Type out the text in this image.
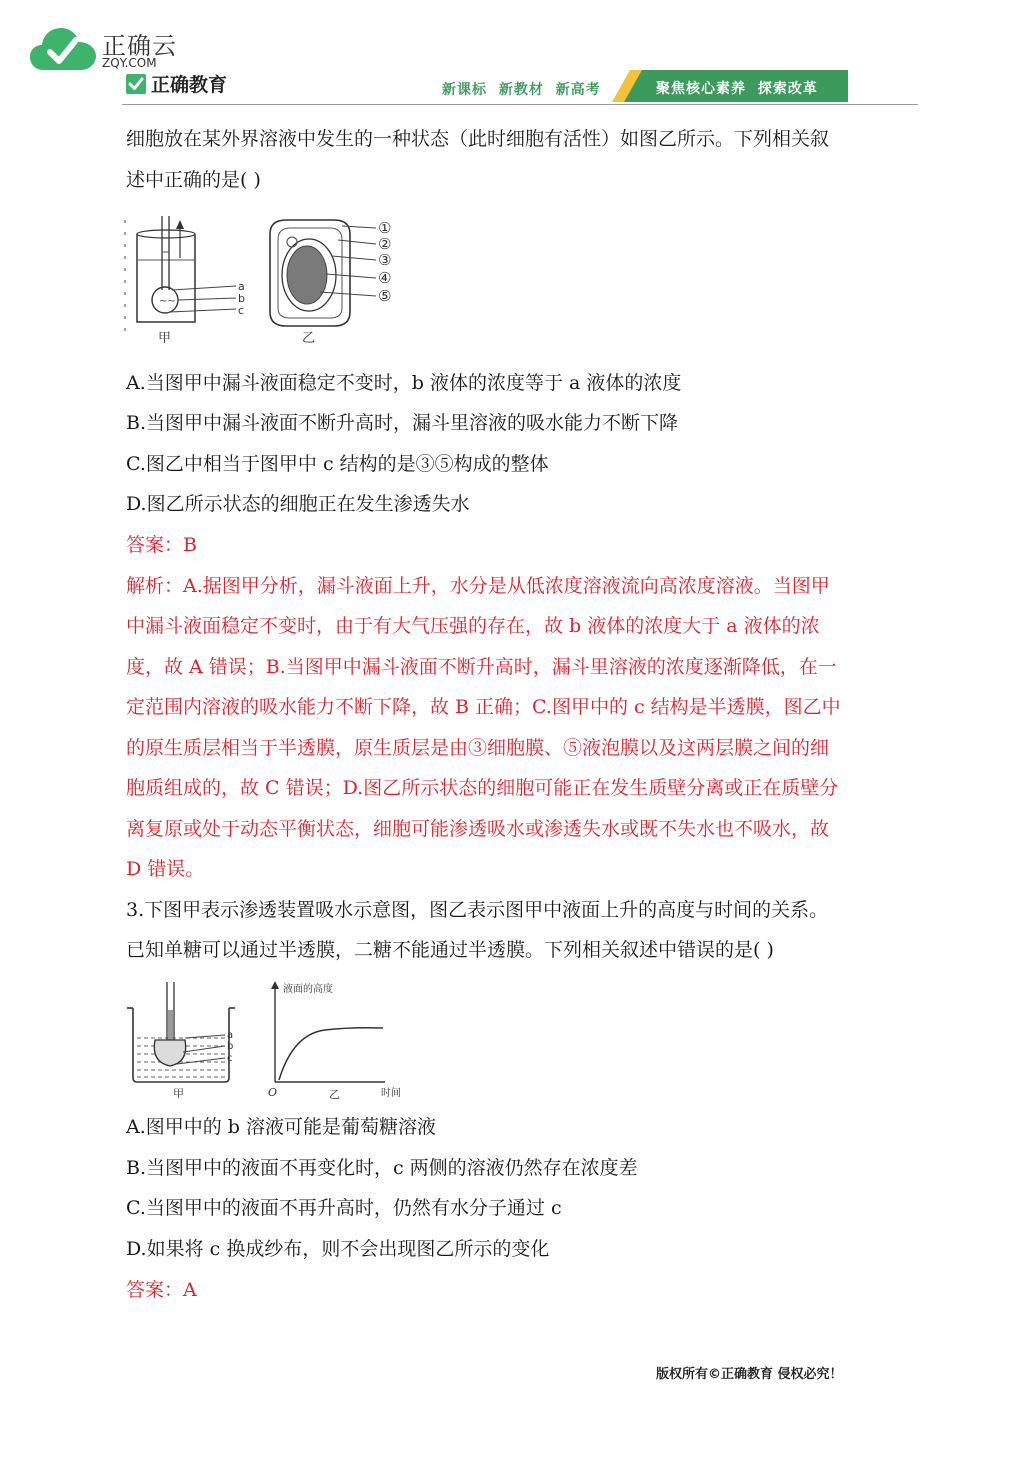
正确云
ZQY.COM
正确教育	新课标 新教材 新高考	聚焦核心素养 探索改革
细胞放在某外界溶液中发生的一种状态（此时细胞有活性）如图乙所示。下列相关叙
述中正确的是( )
~~
a
b
c
甲
①
②
③
④
⑤
乙
A.当图甲中漏斗液面稳定不变时，b 液体的浓度等于 a 液体的浓度
B.当图甲中漏斗液面不断升高时，漏斗里溶液的吸水能力不断下降
C.图乙中相当于图甲中 c 结构的是③⑤构成的整体
D.图乙所示状态的细胞正在发生渗透失水
答案：B
解析：A.据图甲分析，漏斗液面上升，水分是从低浓度溶液流向高浓度溶液。当图甲
中漏斗液面稳定不变时，由于有大气压强的存在，故 b 液体的浓度大于 a 液体的浓
度，故 A 错误；B.当图甲中漏斗液面不断升高时，漏斗里溶液的浓度逐渐降低，在一
定范围内溶液的吸水能力不断下降，故 B 正确；C.图甲中的 c 结构是半透膜，图乙中
的原生质层相当于半透膜，原生质层是由③细胞膜、⑤液泡膜以及这两层膜之间的细
胞质组成的，故 C 错误；D.图乙所示状态的细胞可能正在发生质壁分离或正在质壁分
离复原或处于动态平衡状态，细胞可能渗透吸水或渗透失水或既不失水也不吸水，故
D 错误。
3.下图甲表示渗透装置吸水示意图，图乙表示图甲中液面上升的高度与时间的关系。
已知单糖可以通过半透膜，二糖不能通过半透膜。下列相关叙述中错误的是( )
a
b
c
甲
液面的高度
时间
O	乙
A.图甲中的 b 溶液可能是葡萄糖溶液
B.当图甲中的液面不再变化时，c 两侧的溶液仍然存在浓度差
C.当图甲中的液面不再升高时，仍然有水分子通过 c
D.如果将 c 换成纱布，则不会出现图乙所示的变化
答案：A
版权所有©正确教育 侵权必究！
